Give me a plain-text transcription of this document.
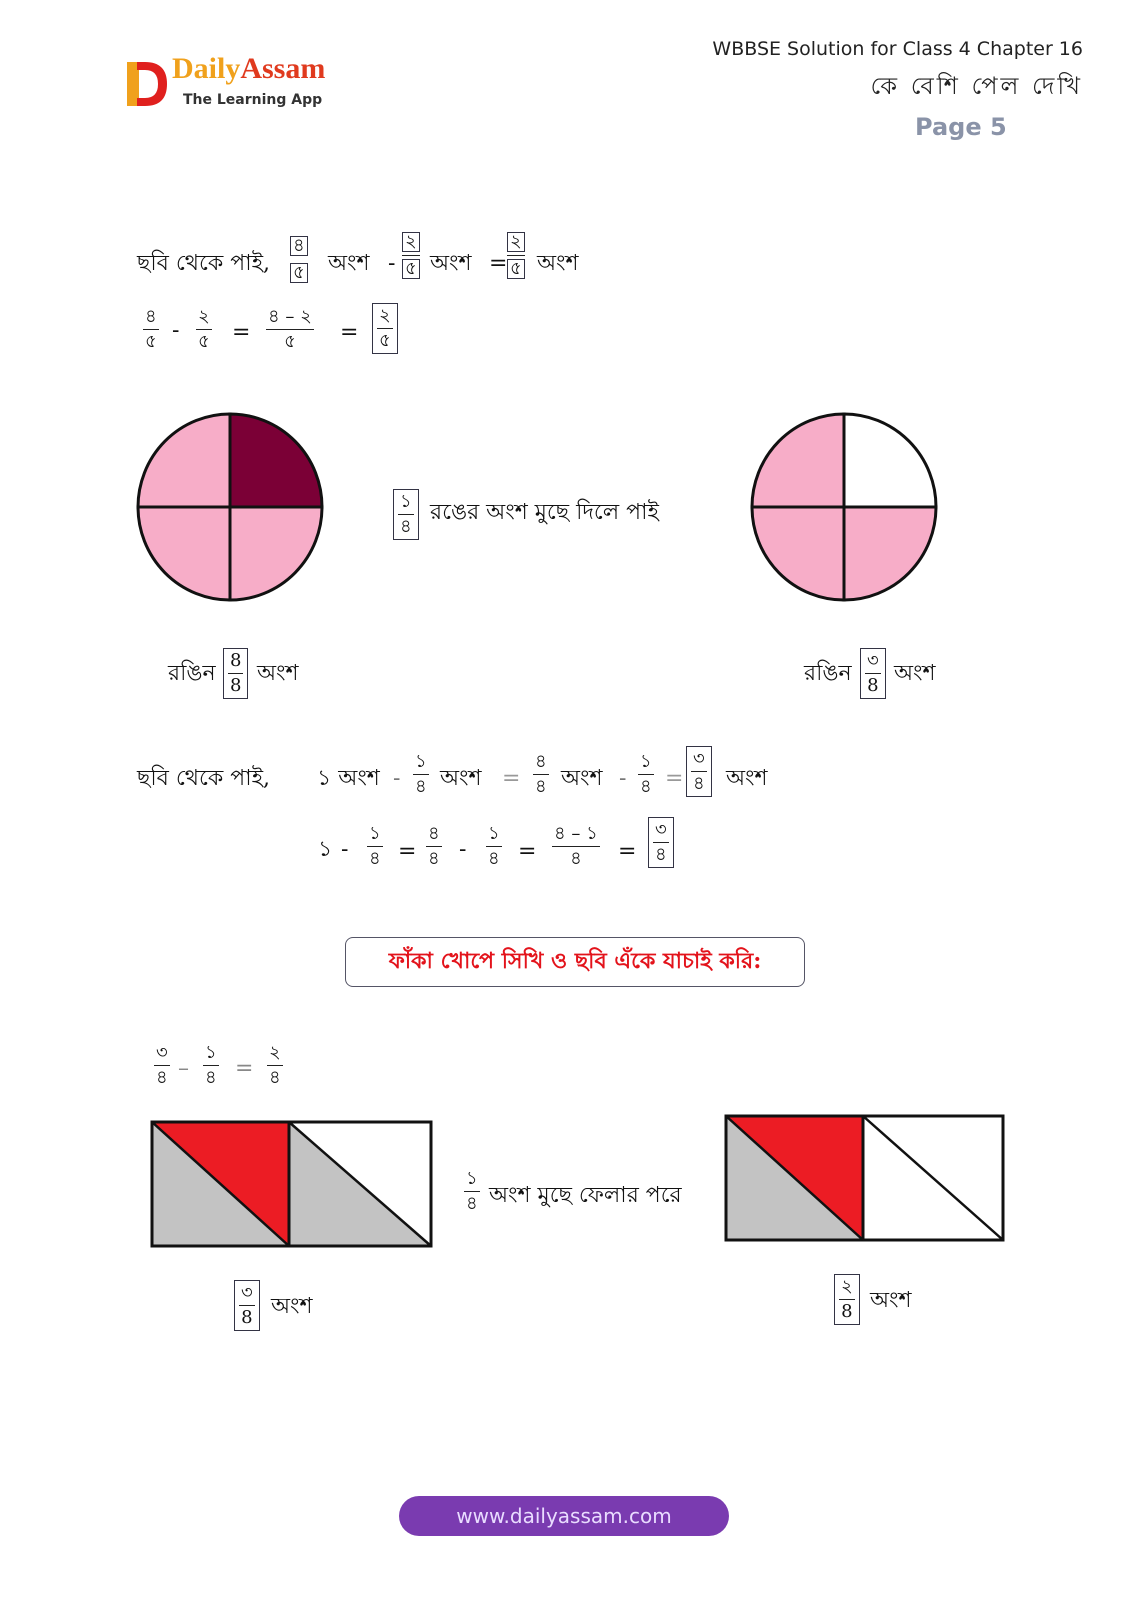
DailyAssam
The Learning App
WBBSE Solution for Class 4 Chapter 16
কে বেশি পেল দেখি
Page 5
ছবি থেকে পাই,
৪
৫ অংশ -
২
৫ অংশ =
২
৫ অংশ
৪
৫ -
২
৫ =
৪ – ২
৫ =
২
৫
১
৪
রঙের অংশ মুছে দিলে পাই
রঙিন
8
8 অংশ	রঙিন
৩
8 অংশ
ছবি থেকে পাই, ১ অংশ -
১
৪ অংশ =
৪
৪ অংশ -
১
৪ =
৩
৪ অংশ
১ -
১
৪ =
৪
৪ -
১
৪ =
৪ – ১
৪ =
৩
৪
ফাঁকা খোপে সিখি ও ছবি এঁকে যাচাই করি:
৩
৪ –
১
৪ =
২
৪
১
৪ অংশ মুছে ফেলার পরে
৩
8 অংশ
২
8 অংশ
www.dailyassam.com
